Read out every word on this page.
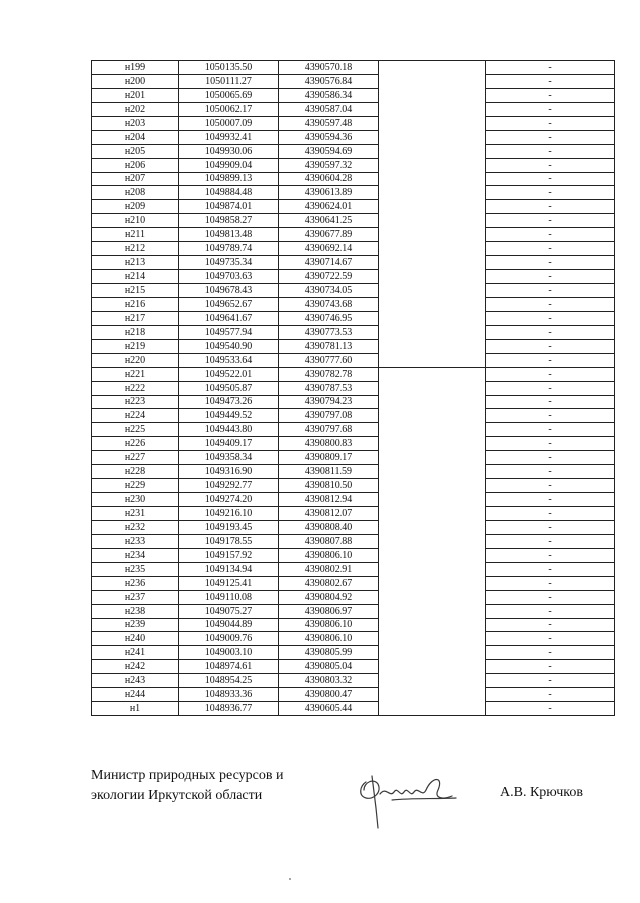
н199	1050135.50	4390570.18		-
н200	1050111.27	4390576.84		-
н201	1050065.69	4390586.34		-
н202	1050062.17	4390587.04		-
н203	1050007.09	4390597.48		-
н204	1049932.41	4390594.36		-
н205	1049930.06	4390594.69		-
н206	1049909.04	4390597.32		-
н207	1049899.13	4390604.28		-
н208	1049884.48	4390613.89		-
н209	1049874.01	4390624.01		-
н210	1049858.27	4390641.25		-
н211	1049813.48	4390677.89		-
н212	1049789.74	4390692.14		-
н213	1049735.34	4390714.67		-
н214	1049703.63	4390722.59		-
н215	1049678.43	4390734.05		-
н216	1049652.67	4390743.68		-
н217	1049641.67	4390746.95		-
н218	1049577.94	4390773.53		-
н219	1049540.90	4390781.13		-
н220	1049533.64	4390777.60		-
н221	1049522.01	4390782.78		-
н222	1049505.87	4390787.53		-
н223	1049473.26	4390794.23		-
н224	1049449.52	4390797.08		-
н225	1049443.80	4390797.68		-
н226	1049409.17	4390800.83		-
н227	1049358.34	4390809.17		-
н228	1049316.90	4390811.59		-
н229	1049292.77	4390810.50		-
н230	1049274.20	4390812.94		-
н231	1049216.10	4390812.07		-
н232	1049193.45	4390808.40		-
н233	1049178.55	4390807.88		-
н234	1049157.92	4390806.10		-
н235	1049134.94	4390802.91		-
н236	1049125.41	4390802.67		-
н237	1049110.08	4390804.92		-
н238	1049075.27	4390806.97		-
н239	1049044.89	4390806.10		-
н240	1049009.76	4390806.10		-
н241	1049003.10	4390805.99		-
н242	1048974.61	4390805.04		-
н243	1048954.25	4390803.32		-
н244	1048933.36	4390800.47		-
н1	1048936.77	4390605.44		-
Министр природных ресурсов и
экологии Иркутской области	А.В. Крючков
